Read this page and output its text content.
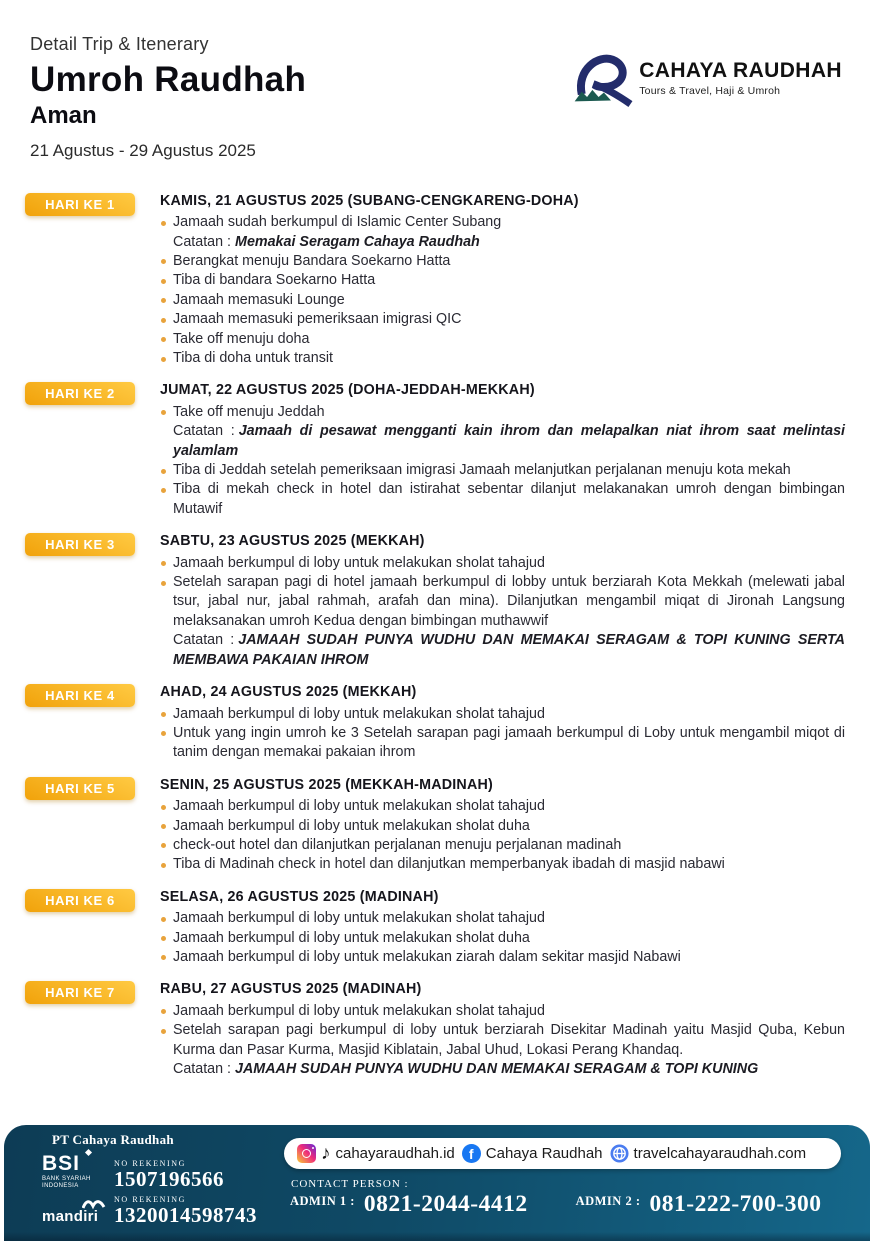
Detail Trip & Itenerary
Umroh Raudhah
Aman
21 Agustus - 29 Agustus 2025
CAHAYA RAUDHAH
Tours & Travel, Haji & Umroh
HARI KE 1	KAMIS, 21 AGUSTUS 2025 (SUBANG-CENGKARENG-DOHA)
Jamaah sudah berkumpul di Islamic Center Subang
Catatan : Memakai Seragam Cahaya Raudhah
Berangkat menuju Bandara Soekarno Hatta
Tiba di bandara Soekarno Hatta
Jamaah memasuki Lounge
Jamaah memasuki pemeriksaan imigrasi QIC
Take off menuju doha
Tiba di doha untuk transit
HARI KE 2	JUMAT, 22 AGUSTUS 2025 (DOHA-JEDDAH-MEKKAH)
Take off menuju Jeddah
Catatan : Jamaah di pesawat mengganti kain ihrom dan melapalkan niat ihrom saat melintasi yalamlam
Tiba di Jeddah setelah pemeriksaan imigrasi Jamaah melanjutkan perjalanan menuju kota mekah
Tiba di mekah check in hotel dan istirahat sebentar dilanjut melakanakan umroh dengan bimbingan Mutawif
HARI KE 3	SABTU, 23 AGUSTUS 2025 (MEKKAH)
Jamaah berkumpul di loby untuk melakukan sholat tahajud
Setelah sarapan pagi di hotel jamaah berkumpul di lobby untuk berziarah Kota Mekkah (melewati jabal tsur, jabal nur, jabal rahmah, arafah dan mina). Dilanjutkan mengambil miqat di Jironah Langsung melaksanakan umroh Kedua dengan bimbingan muthawwif
Catatan : JAMAAH SUDAH PUNYA WUDHU DAN MEMAKAI SERAGAM & TOPI KUNING SERTA MEMBAWA PAKAIAN IHROM
HARI KE 4	AHAD, 24 AGUSTUS 2025 (MEKKAH)
Jamaah berkumpul di loby untuk melakukan sholat tahajud
Untuk yang ingin umroh ke 3 Setelah sarapan pagi jamaah berkumpul di Loby untuk mengambil miqot di tanim dengan memakai pakaian ihrom
HARI KE 5	SENIN, 25 AGUSTUS 2025 (MEKKAH-MADINAH)
Jamaah berkumpul di loby untuk melakukan sholat tahajud
Jamaah berkumpul di loby untuk melakukan sholat duha
check-out hotel dan dilanjutkan perjalanan menuju perjalanan madinah
Tiba di Madinah check in hotel dan dilanjutkan memperbanyak ibadah di masjid nabawi
HARI KE 6	SELASA, 26 AGUSTUS 2025 (MADINAH)
Jamaah berkumpul di loby untuk melakukan sholat tahajud
Jamaah berkumpul di loby untuk melakukan sholat duha
Jamaah berkumpul di loby untuk melakukan ziarah dalam sekitar masjid Nabawi
HARI KE 7	RABU, 27 AGUSTUS 2025 (MADINAH)
Jamaah berkumpul di loby untuk melakukan sholat tahajud
Setelah sarapan pagi berkumpul di loby untuk berziarah Disekitar Madinah yaitu Masjid Quba, Kebun Kurma dan Pasar Kurma, Masjid Kiblatain, Jabal Uhud, Lokasi Perang Khandaq.
Catatan : JAMAAH SUDAH PUNYA WUDHU DAN MEMAKAI SERAGAM & TOPI KUNING
PT Cahaya Raudhah
BSI
BANK SYARIAH INDONESIA
NO REKENING
1507196566
mandiri
NO REKENING
1320014598743
♪
cahayaraudhah.id f Cahaya Raudhah travelcahayaraudhah.com
CONTACT PERSON :
$^{ADMIN 1 :}$ 0821-2044-4412	$^{ADMIN 2 :}$ 081-222-700-300
